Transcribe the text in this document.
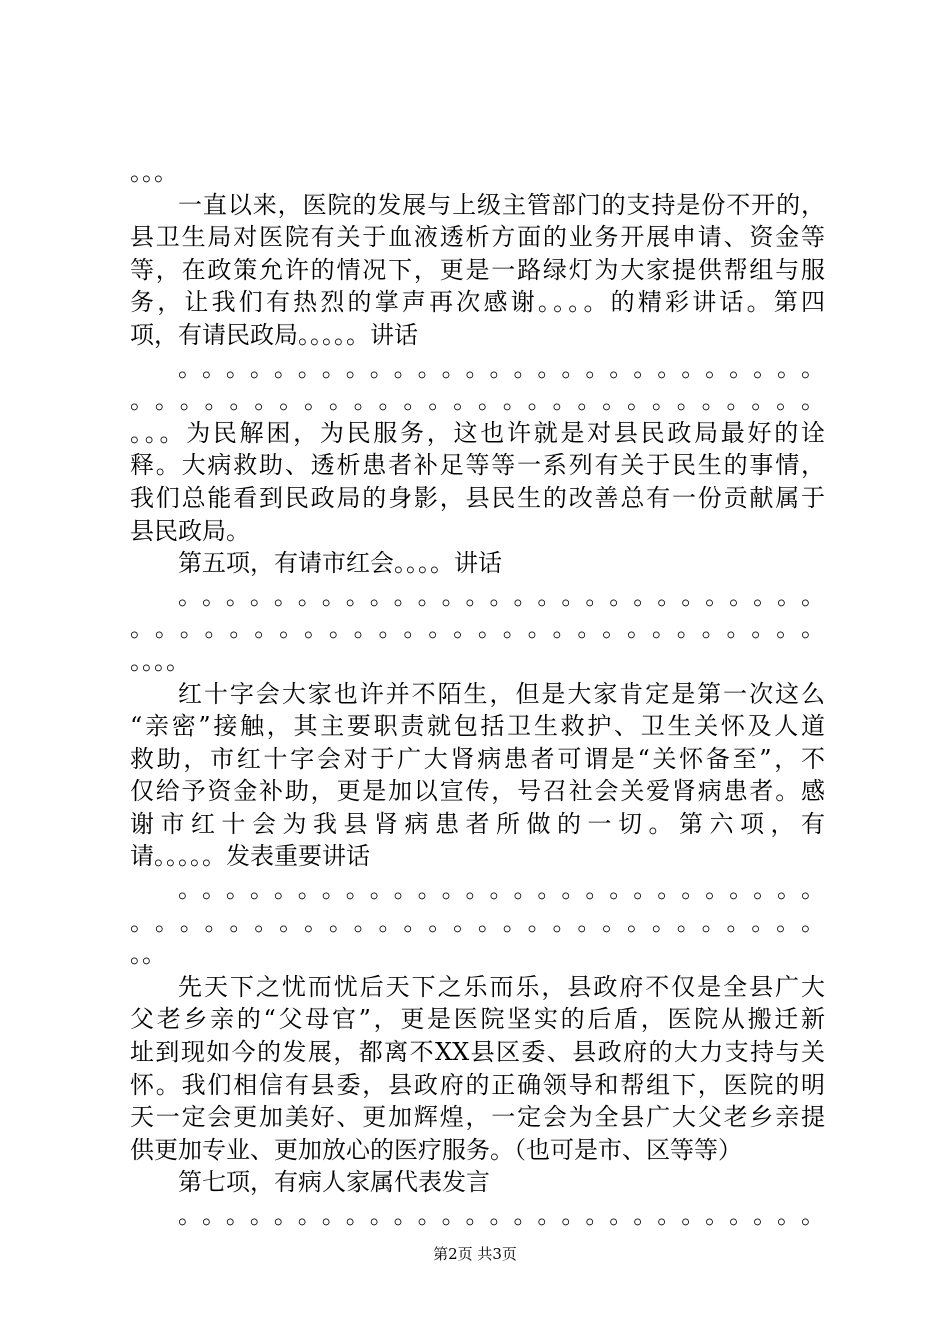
。。。
一直以来，医院的发展与上级主管部门的支持是份不开的，
县卫生局对医院有关于血液透析方面的业务开展申请、资金等
等，在政策允许的情况下，更是一路绿灯为大家提供帮组与服
务，让我们有热烈的掌声再次感谢。。。。的精彩讲话。第四
项，有请民政局。。。。。讲话
。。。。。。。。。。。。。。。。。。。。。。。。。。。
。。。。。。。。。。。。。。。。。。。。。。。。。。。。
。。。为民解困，为民服务，这也许就是对县民政局最好的诠
释。大病救助、透析患者补足等等一系列有关于民生的事情，
我们总能看到民政局的身影，县民生的改善总有一份贡献属于
县民政局。
第五项，有请市红会。。。。讲话
。。。。。。。。。。。。。。。。。。。。。。。。。。。
。。。。。。。。。。。。。。。。。。。。。。。。。。。。
。。。。
红十字会大家也许并不陌生，但是大家肯定是第一次这么
“亲密”接触，其主要职责就包括卫生救护、卫生关怀及人道
救助，市红十字会对于广大肾病患者可谓是“关怀备至”，不
仅给予资金补助，更是加以宣传，号召社会关爱肾病患者。感
谢市红十会为我县肾病患者所做的一切。第六项，有
请。。。。。发表重要讲话
。。。。。。。。。。。。。。。。。。。。。。。。。。。
。。。。。。。。。。。。。。。。。。。。。。。。。。。。
。。
先天下之忧而忧后天下之乐而乐，县政府不仅是全县广大
父老乡亲的“父母官”，更是医院坚实的后盾，医院从搬迁新
址到现如今的发展，都离不XX县区委、县政府的大力支持与关
怀。我们相信有县委，县政府的正确领导和帮组下，医院的明
天一定会更加美好、更加辉煌，一定会为全县广大父老乡亲提
供更加专业、更加放心的医疗服务。（也可是市、区等等）
第七项，有病人家属代表发言
。。。。。。。。。。。。。。。。。。。。。。。。。。。
第2页 共3页
